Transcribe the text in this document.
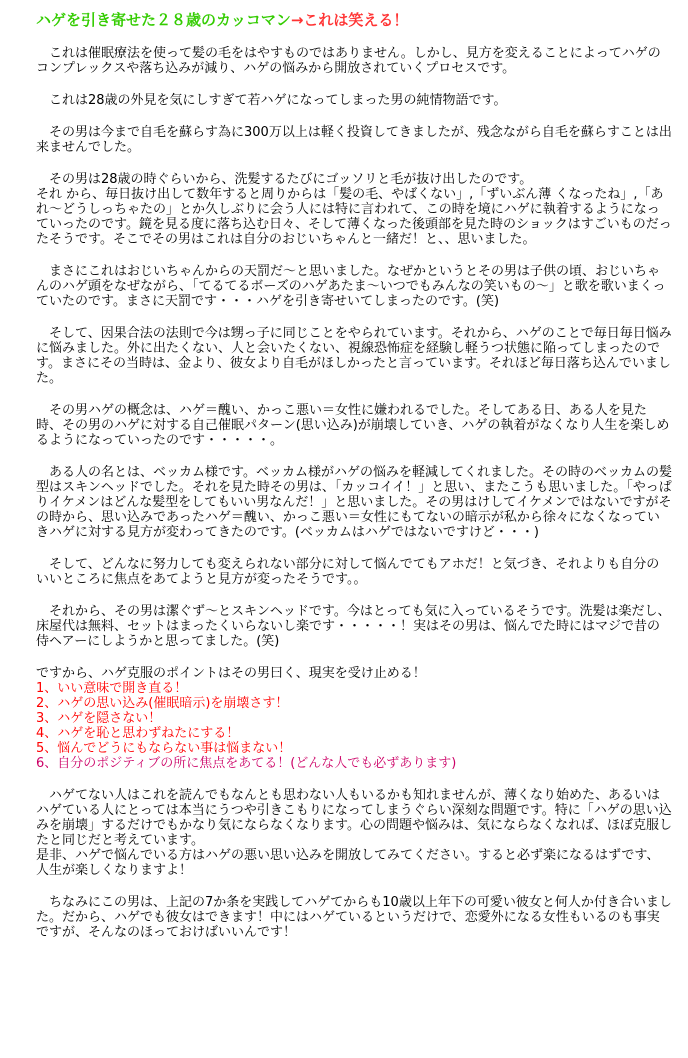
ハゲを引き寄せた２８歳のカッコマン→これは笑える！

これは催眠療法を使って髪の毛をはやすものではありません。しかし、見方を変えることによってハゲのコンプレックスや落ち込みが減り、ハゲの悩みから開放されていくプロセスです。

これは28歳の外見を気にしすぎて若ハゲになってしまった男の純情物語です。

その男は今まで自毛を蘇らす為に300万以上は軽く投資してきましたが、残念ながら自毛を蘇らすことは出来ませんでした。

その男は28歳の時ぐらいから、洗髪するたびにゴッソリと毛が抜け出したのです。
それ から、毎日抜け出して数年すると周りからは「髪の毛、やばくない」,「ずいぶん薄 くなったね」,「あれ〜どうしっちゃたの」とか久しぶりに会う人には特に言われて、この時を境にハゲに執着するようになっていったのです。鏡を見る度に落ち込む日々、そして薄くなった後頭部を見た時のショックはすごいものだったそうです。そこでその男はこれは自分のおじいちゃんと一緒だ！と、、思いました。

まさにこれはおじいちゃんからの天罰だ〜と思いました。なぜかというとその男は子供の頃、おじいちゃんのハゲ頭をなぜながら、「てるてるボーズのハゲあたま〜いつでもみんなの笑いもの〜」と歌を歌いまくっていたのです。まさに天罰です・・・ハゲを引き寄せいてしまったのです。(笑)

そして、因果合法の法則で今は甥っ子に同じことをやられています。それから、ハゲのことで毎日毎日悩みに悩みました。外に出たくない、人と会いたくない、視線恐怖症を経験し軽うつ状態に陥ってしまったのです。まさにその当時は、金より、彼女より自毛がほしかったと言っています。それほど毎日落ち込んでいました。

その男ハゲの概念は、ハゲ＝醜い、かっこ悪い＝女性に嫌われるでした。そしてある日、ある人を見た時、その男のハゲに対する自己催眠パターン(思い込み)が崩壊していき、ハゲの執着がなくなり人生を楽しめるようになっていったのです・・・・・。

ある人の名とは、ベッカム様です。ベッカム様がハゲの悩みを軽減してくれました。その時のベッカムの髪型はスキンヘッドでした。それを見た時その男は、「カッコイイ！」と思い、またこうも思いました。「やっぱりイケメンはどんな髪型をしてもいい男なんだ！」と思いました。その男はけしてイケメンではないですがその時から、思い込みであったハゲ＝醜い、かっこ悪い＝女性にもてないの暗示が私から徐々になくなっていきハゲに対する見方が変わってきたのです。(ベッカムはハゲではないですけど・・・)

そして、どんなに努力しても変えられない部分に対して悩んでてもアホだ！と気づき、それよりも自分のいいところに焦点をあてようと見方が変ったそうです。。

それから、その男は潔ぐず〜とスキンヘッドです。今はとっても気に入っているそうです。洗髪は楽だし、床屋代は無料、セットはまったくいらないし楽です・・・・・！実はその男は、悩んでた時にはマジで昔の侍ヘアーにしようかと思ってました。(笑)

ですから、ハゲ克服のポイントはその男曰く、現実を受け止める！

1、いい意味で開き直る！
2、ハゲの思い込み(催眠暗示)を崩壊さす！
3、ハゲを隠さない！
4、ハゲを恥と思わずねたにする！
5、悩んでどうにもならない事は悩まない！
6、自分のポジティブの所に焦点をあてる！(どんな人でも必ずあります)

ハゲてない人はこれを読んでもなんとも思わない人もいるかも知れませんが、薄くなり始めた、あるいはハゲている人にとっては本当にうつや引きこもりになってしまうぐらい深刻な問題です。特に「ハゲの思い込みを崩壊」するだけでもかなり気にならなくなります。心の問題や悩みは、気にならなくなれば、ほぼ克服したと同じだと考えています。
是非、ハゲで悩んでいる方はハゲの悪い思い込みを開放してみてください。すると必ず楽になるはずです、人生が楽しくなりますよ！

ちなみにこの男は、上記の7か条を実践してハゲてからも10歳以上年下の可愛い彼女と何人か付き合いました。だから、ハゲでも彼女はできます！中にはハゲているというだけで、恋愛外になる女性もいるのも事実ですが、そんなのほっておけばいいんです！
